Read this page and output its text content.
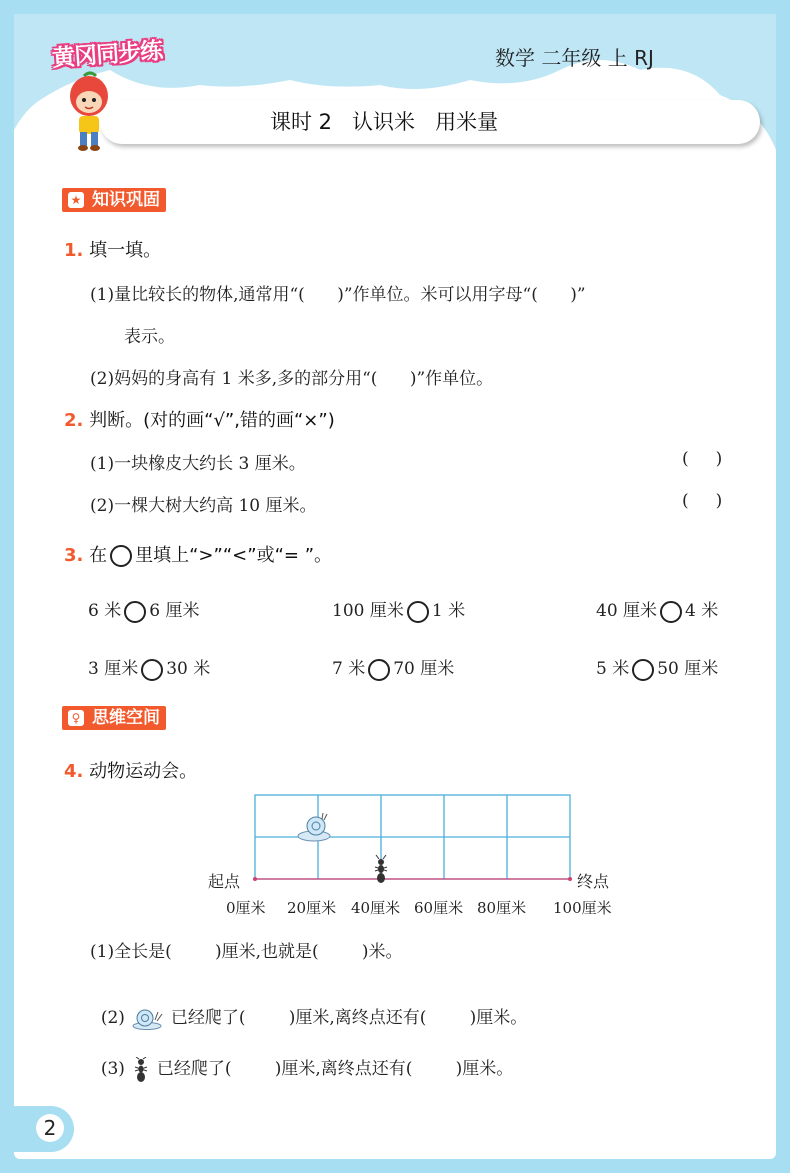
黄冈同步练	数学 二年级 上 RJ
课时 2   认识米   用米量
★ 知识巩固
1. 填一填。
(1)量比较长的物体,通常用“(      )”作单位。米可以用字母“(      )”
表示。
(2)妈妈的身高有 1 米多,多的部分用“(      )”作单位。
2. 判断。(对的画“√”,错的画“×”)
(1)一块橡皮大约长 3 厘米。	(     )
(2)一棵大树大约高 10 厘米。	(     )
3. 在 里填上“>”“<”或“= ”。
6 米 6 厘米	100 厘米 1 米	40 厘米 4 米
3 厘米 30 米	7 米 70 厘米	5 米 50 厘米
♀ 思维空间
4. 动物运动会。
起点	终点
0厘米 20厘米 40厘米 60厘米 80厘米 100厘米
(1)全长是(        )厘米,也就是(        )米。

(2)	已经爬了(        )厘米,离终点还有(        )厘米。

(3) 已经爬了(        )厘米,离终点还有(        )厘米。

2
